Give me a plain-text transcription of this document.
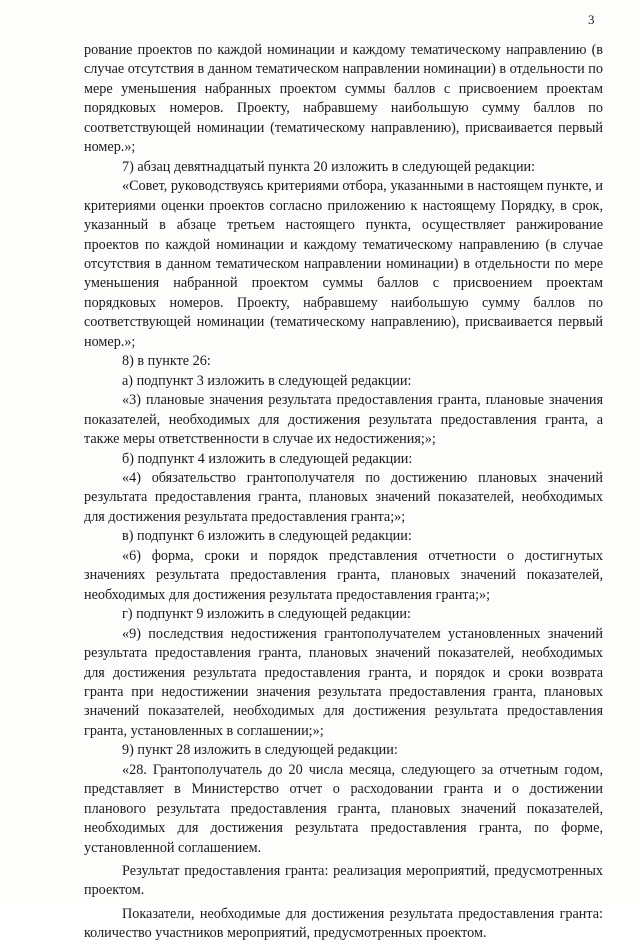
3

рование проектов по каждой номинации и каждому тематическому направлению (в случае отсутствия в данном тематическом направлении номинации) в отдельности по мере уменьшения набранных проектом суммы баллов с присвоением проектам порядковых номеров. Проекту, набравшему наибольшую сумму баллов по соответствующей номинации (тематическому направлению), присваивается первый номер.»;

7) абзац девятнадцатый пункта 20 изложить в следующей редакции:

«Совет, руководствуясь критериями отбора, указанными в настоящем пункте, и критериями оценки проектов согласно приложению к настоящему Порядку, в срок, указанный в абзаце третьем настоящего пункта, осуществляет ранжирование проектов по каждой номинации и каждому тематическому направлению (в случае отсутствия в данном тематическом направлении номинации) в отдельности по мере уменьшения набранной проектом суммы баллов с присвоением проектам порядковых номеров. Проекту, набравшему наибольшую сумму баллов по соответствующей номинации (тематическому направлению), присваивается первый номер.»;

8) в пункте 26:

а) подпункт 3 изложить в следующей редакции:

«3) плановые значения результата предоставления гранта, плановые значения показателей, необходимых для достижения результата предоставления гранта, а также меры ответственности в случае их недостижения;»;

б) подпункт 4 изложить в следующей редакции:

«4) обязательство грантополучателя по достижению плановых значений результата предоставления гранта, плановых значений показателей, необходимых для достижения результата предоставления гранта;»;

в) подпункт 6 изложить в следующей редакции:

«6) форма, сроки и порядок представления отчетности о достигнутых значениях результата предоставления гранта, плановых значений показателей, необходимых для достижения результата предоставления гранта;»;

г) подпункт 9 изложить в следующей редакции:

«9) последствия недостижения грантополучателем установленных значений результата предоставления гранта, плановых значений показателей, необходимых для достижения результата предоставления гранта, и порядок и сроки возврата гранта при недостижении значения результата предоставления гранта, плановых значений показателей, необходимых для достижения результата предоставления гранта, установленных в соглашении;»;

9) пункт 28 изложить в следующей редакции:

«28. Грантополучатель до 20 числа месяца, следующего за отчетным годом, представляет в Министерство отчет о расходовании гранта и о достижении планового результата предоставления гранта, плановых значений показателей, необходимых для достижения результата предоставления гранта, по форме, установленной соглашением.

Результат предоставления гранта: реализация мероприятий, предусмотренных проектом.

Показатели, необходимые для достижения результата предоставления гранта: количество участников мероприятий, предусмотренных проектом.
